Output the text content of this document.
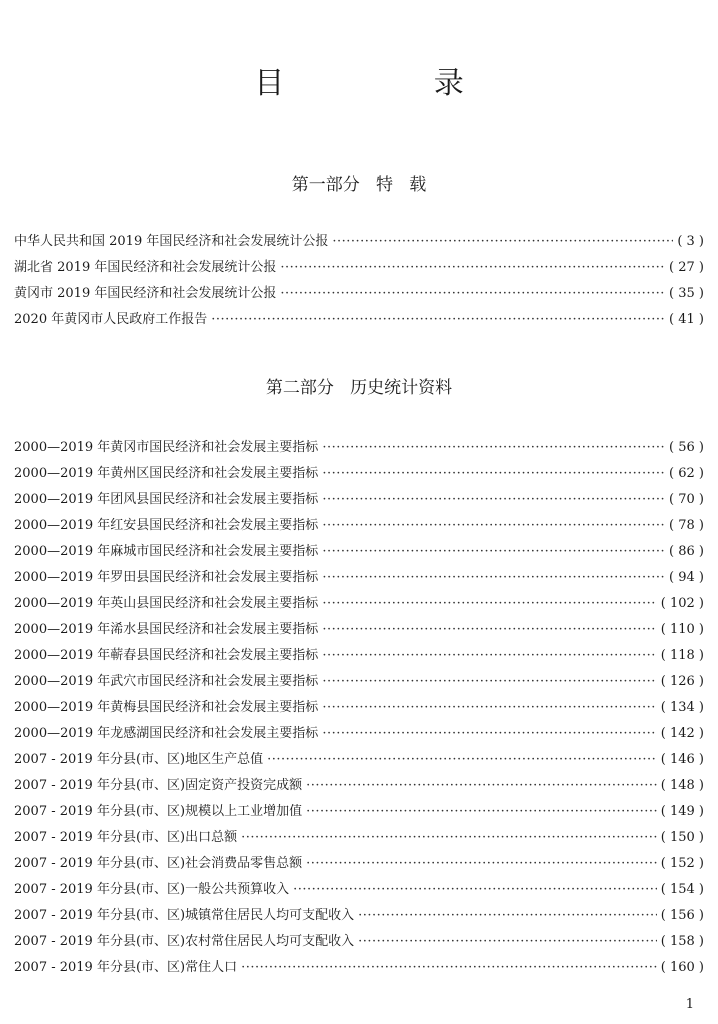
目 录
第一部分   特   载
中华人民共和国 2019 年国民经济和社会发展统计公报 ·····	( 3 )
湖北省 2019 年国民经济和社会发展统计公报 ·····	( 27 )
黄冈市 2019 年国民经济和社会发展统计公报 ·····	( 35 )
2020 年黄冈市人民政府工作报告 ·····	( 41 )
第二部分   历史统计资料
2000—2019 年黄冈市国民经济和社会发展主要指标 ·····	( 56 )
2000—2019 年黄州区国民经济和社会发展主要指标 ·····	( 62 )
2000—2019 年团风县国民经济和社会发展主要指标 ·····	( 70 )
2000—2019 年红安县国民经济和社会发展主要指标 ·····	( 78 )
2000—2019 年麻城市国民经济和社会发展主要指标 ·····	( 86 )
2000—2019 年罗田县国民经济和社会发展主要指标 ·····	( 94 )
2000—2019 年英山县国民经济和社会发展主要指标 ·····	( 102 )
2000—2019 年浠水县国民经济和社会发展主要指标 ·····	( 110 )
2000—2019 年蕲春县国民经济和社会发展主要指标 ·····	( 118 )
2000—2019 年武穴市国民经济和社会发展主要指标 ·····	( 126 )
2000—2019 年黄梅县国民经济和社会发展主要指标 ·····	( 134 )
2000—2019 年龙感湖国民经济和社会发展主要指标 ·····	( 142 )
2007 - 2019 年分县(市、区)地区生产总值 ·····	( 146 )
2007 - 2019 年分县(市、区)固定资产投资完成额 ·····	( 148 )
2007 - 2019 年分县(市、区)规模以上工业增加值 ·····	( 149 )
2007 - 2019 年分县(市、区)出口总额 ·····	( 150 )
2007 - 2019 年分县(市、区)社会消费品零售总额 ·····	( 152 )
2007 - 2019 年分县(市、区)一般公共预算收入 ·····	( 154 )
2007 - 2019 年分县(市、区)城镇常住居民人均可支配收入 ·····	( 156 )
2007 - 2019 年分县(市、区)农村常住居民人均可支配收入 ·····	( 158 )
2007 - 2019 年分县(市、区)常住人口 ·····	( 160 )
1
